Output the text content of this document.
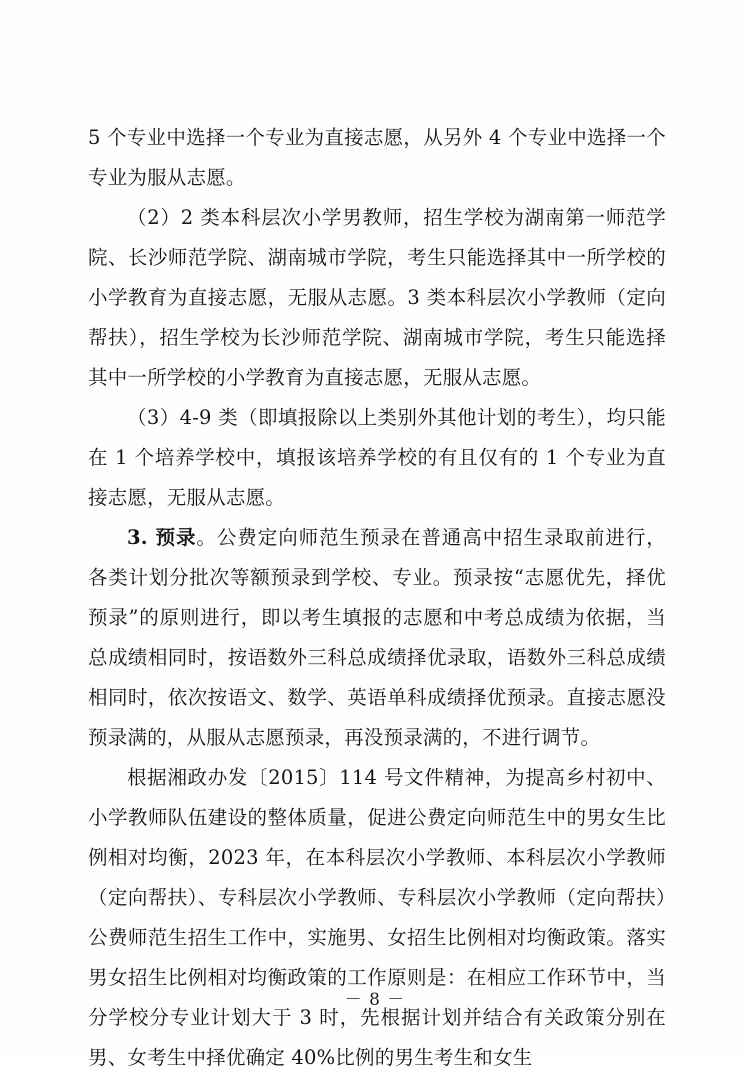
5 个专业中选择一个专业为直接志愿，从另外 4 个专业中选择一个专业为服从志愿。

（2）2 类本科层次小学男教师，招生学校为湖南第一师范学院、长沙师范学院、湖南城市学院，考生只能选择其中一所学校的小学教育为直接志愿，无服从志愿。3 类本科层次小学教师（定向帮扶），招生学校为长沙师范学院、湖南城市学院，考生只能选择其中一所学校的小学教育为直接志愿，无服从志愿。

（3）4-9 类（即填报除以上类别外其他计划的考生），均只能在 1 个培养学校中，填报该培养学校的有且仅有的 1 个专业为直接志愿，无服从志愿。

3. 预录。公费定向师范生预录在普通高中招生录取前进行，各类计划分批次等额预录到学校、专业。预录按“志愿优先，择优预录”的原则进行，即以考生填报的志愿和中考总成绩为依据，当总成绩相同时，按语数外三科总成绩择优录取，语数外三科总成绩相同时，依次按语文、数学、英语单科成绩择优预录。直接志愿没预录满的，从服从志愿预录，再没预录满的，不进行调节。

根据湘政办发〔2015〕114 号文件精神，为提高乡村初中、小学教师队伍建设的整体质量，促进公费定向师范生中的男女生比例相对均衡，2023 年，在本科层次小学教师、本科层次小学教师（定向帮扶）、专科层次小学教师、专科层次小学教师（定向帮扶）公费师范生招生工作中，实施男、女招生比例相对均衡政策。落实男女招生比例相对均衡政策的工作原则是：在相应工作环节中，当分学校分专业计划大于 3 时，先根据计划并结合有关政策分别在男、女考生中择优确定 40%比例的男生考生和女生

－ 8 －
